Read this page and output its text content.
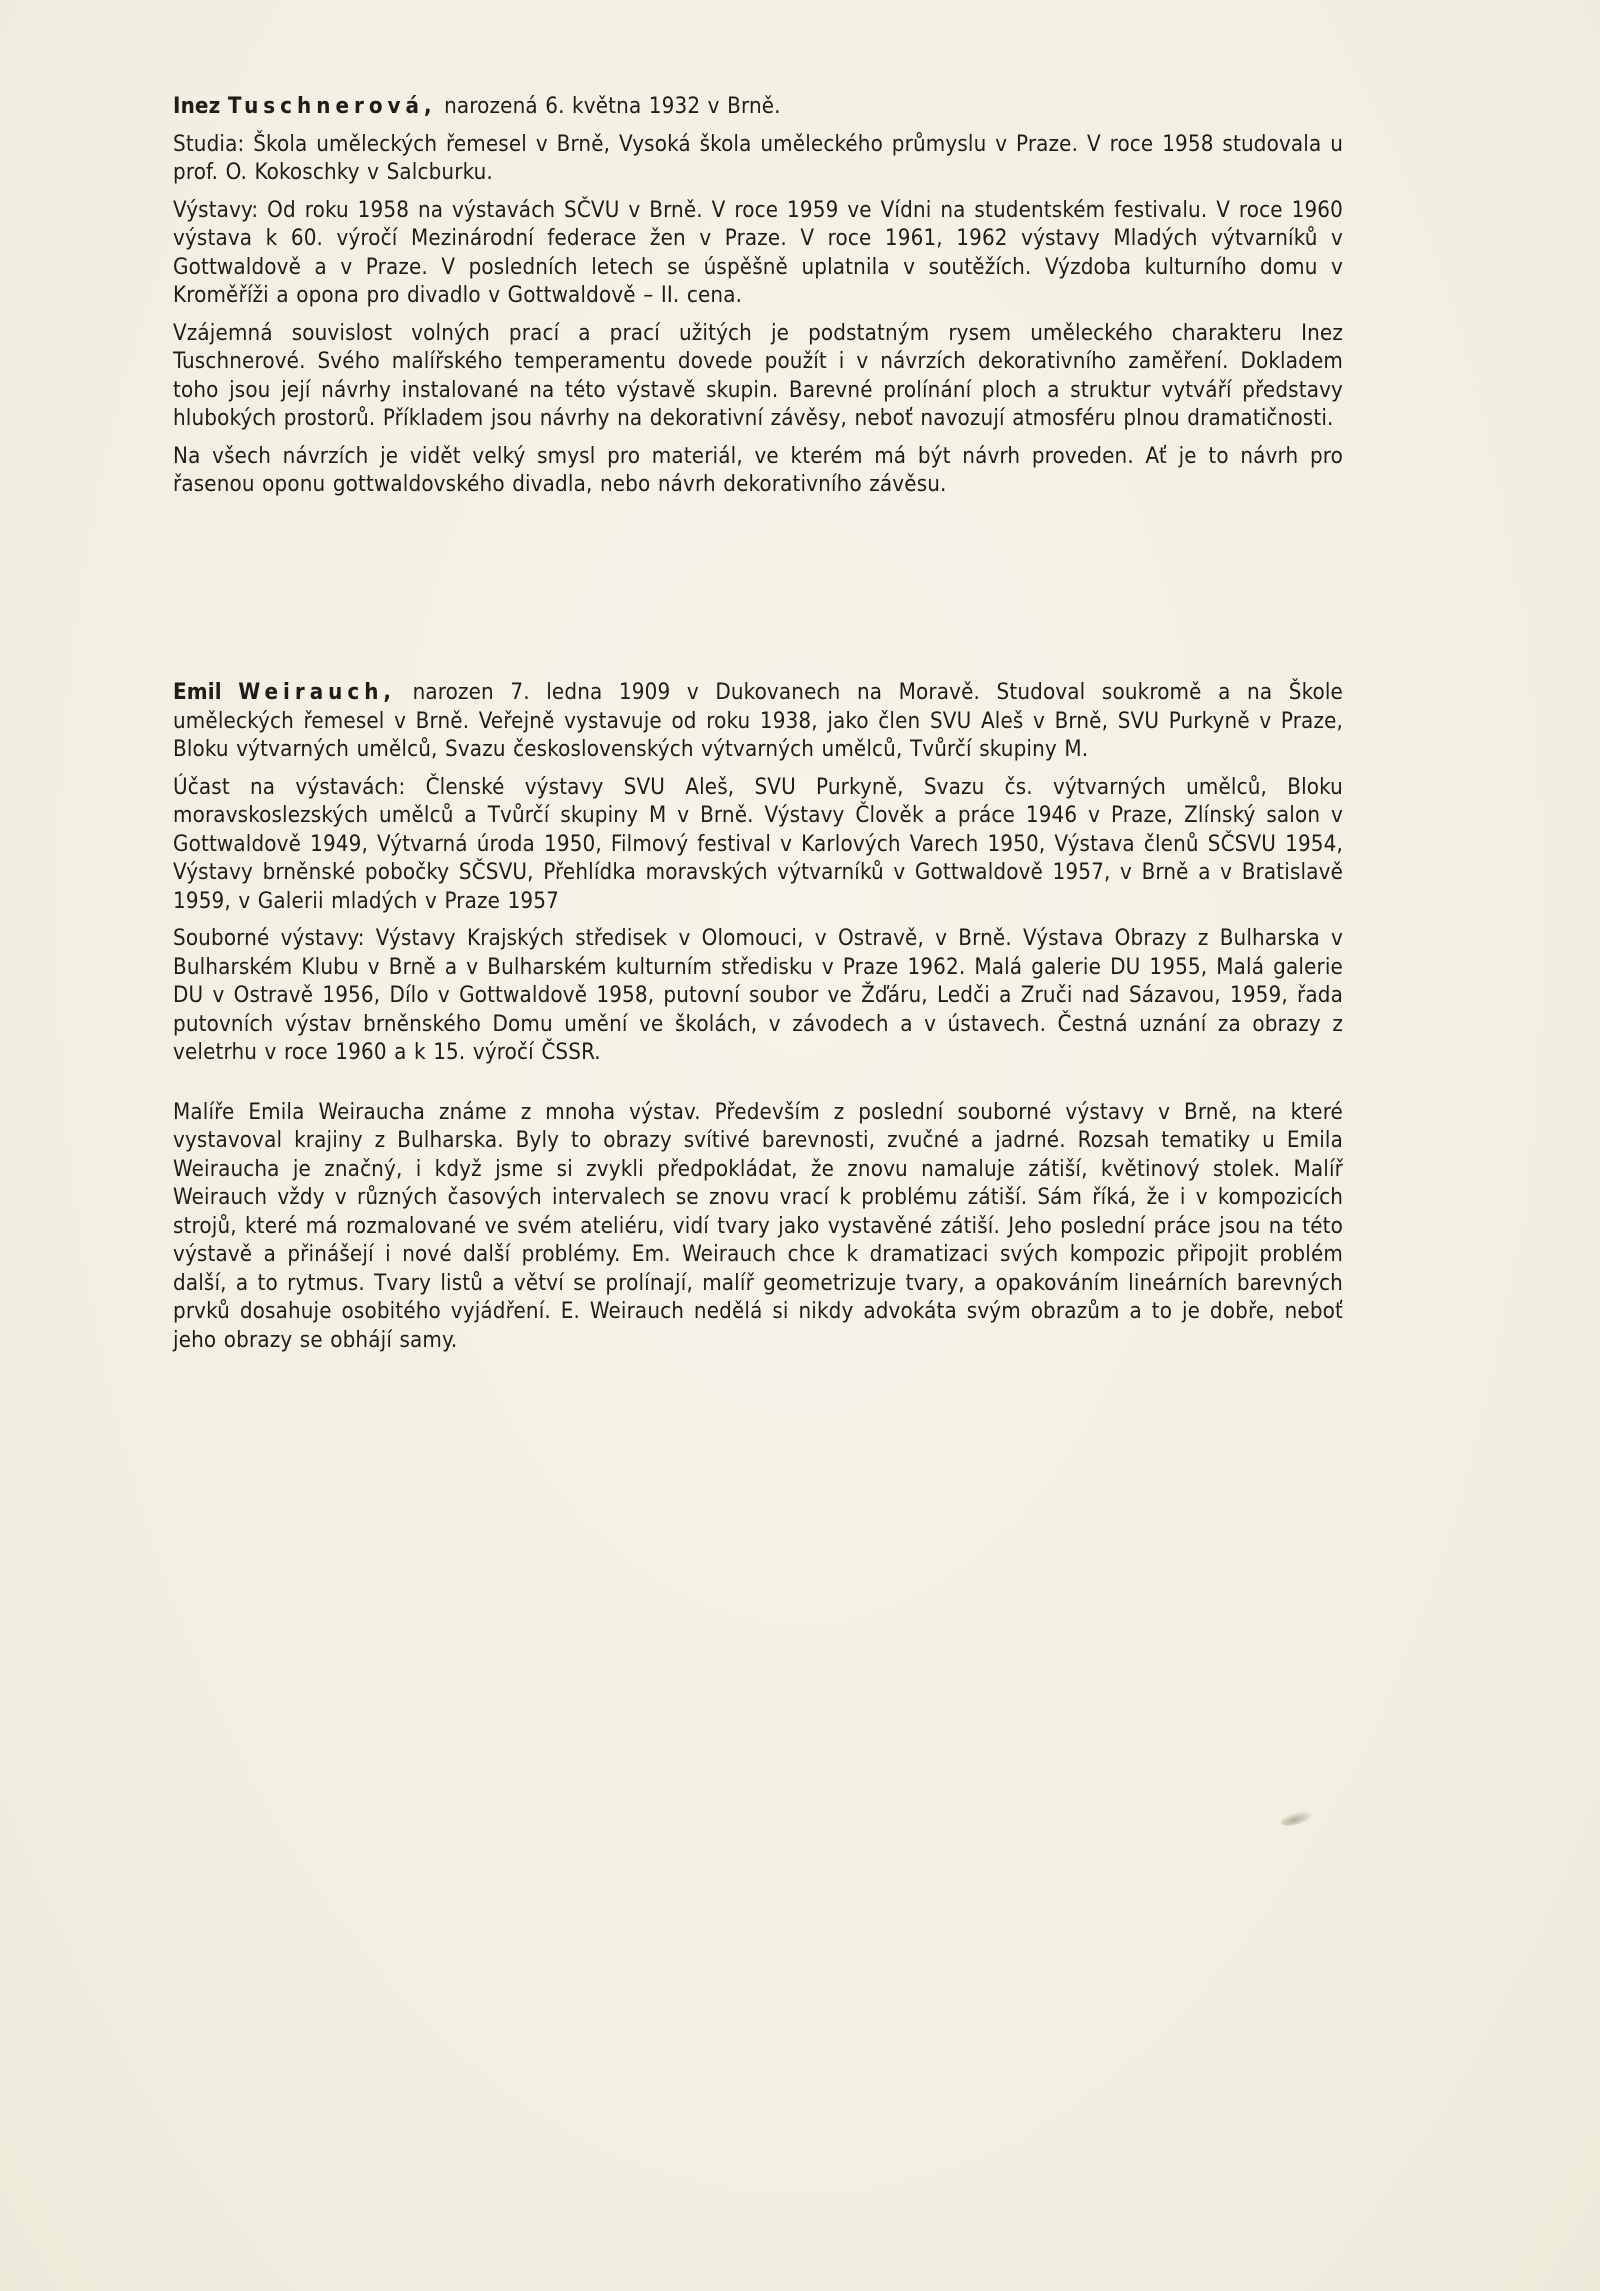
Inez Tuschnerová, narozená 6. května 1932 v Brně.

Studia: Škola uměleckých řemesel v Brně, Vysoká škola uměleckého průmyslu v Praze. V roce 1958 studovala u prof. O. Kokoschky v Salcburku.

Výstavy: Od roku 1958 na výstavách SČVU v Brně. V roce 1959 ve Vídni na studentském festivalu. V roce 1960 výstava k 60. výročí Mezinárodní federace žen v Praze. V roce 1961, 1962 výstavy Mladých výtvarníků v Gottwaldově a v Praze. V posledních letech se úspěšně uplatnila v soutěžích. Výzdoba kulturního domu v Kroměříži a opona pro divadlo v Gottwaldově – II. cena.

Vzájemná souvislost volných prací a prací užitých je podstatným rysem uměleckého charakteru Inez Tuschnerové. Svého malířského temperamentu dovede použít i v návrzích dekorativního zaměření. Dokladem toho jsou její návrhy instalované na této výstavě skupin. Barevné prolínání ploch a struktur vytváří představy hlubokých prostorů. Příkladem jsou návrhy na dekorativní závěsy, neboť navozují atmosféru plnou dramatičnosti.

Na všech návrzích je vidět velký smysl pro materiál, ve kterém má být návrh proveden. Ať je to návrh pro řasenou oponu gottwaldovského divadla, nebo návrh dekorativního závěsu.

Emil Weirauch, narozen 7. ledna 1909 v Dukovanech na Moravě. Studoval soukromě a na Škole uměleckých řemesel v Brně. Veřejně vystavuje od roku 1938, jako člen SVU Aleš v Brně, SVU Purkyně v Praze, Bloku výtvarných umělců, Svazu československých výtvarných umělců, Tvůrčí skupiny M.

Účast na výstavách: Členské výstavy SVU Aleš, SVU Purkyně, Svazu čs. výtvarných umělců, Bloku moravskoslezských umělců a Tvůrčí skupiny M v Brně. Výstavy Člověk a práce 1946 v Praze, Zlínský salon v Gottwaldově 1949, Výtvarná úroda 1950, Filmový festival v Karlových Varech 1950, Výstava členů SČSVU 1954, Výstavy brněnské pobočky SČSVU, Přehlídka moravských výtvarníků v Gottwaldově 1957, v Brně a v Bratislavě 1959, v Galerii mladých v Praze 1957

Souborné výstavy: Výstavy Krajských středisek v Olomouci, v Ostravě, v Brně. Výstava Obrazy z Bulharska v Bulharském Klubu v Brně a v Bulharském kulturním středisku v Praze 1962. Malá galerie DU 1955, Malá galerie DU v Ostravě 1956, Dílo v Gottwaldově 1958, putovní soubor ve Žďáru, Ledči a Zruči nad Sázavou, 1959, řada putovních výstav brněnského Domu umění ve školách, v závodech a v ústavech. Čestná uznání za obrazy z veletrhu v roce 1960 a k 15. výročí ČSSR.

Malíře Emila Weiraucha známe z mnoha výstav. Především z poslední souborné výstavy v Brně, na které vystavoval krajiny z Bulharska. Byly to obrazy svítivé barevnosti, zvučné a jadrné. Rozsah tematiky u Emila Weiraucha je značný, i když jsme si zvykli předpokládat, že znovu namaluje zátiší, květinový stolek. Malíř Weirauch vždy v různých časových intervalech se znovu vrací k problému zátiší. Sám říká, že i v kompozicích strojů, které má rozmalované ve svém ateliéru, vidí tvary jako vystavěné zátiší. Jeho poslední práce jsou na této výstavě a přinášejí i nové další problémy. Em. Weirauch chce k dramatizaci svých kompozic připojit problém další, a to rytmus. Tvary listů a větví se prolínají, malíř geometrizuje tvary, a opakováním lineárních barevných prvků dosahuje osobitého vyjádření. E. Weirauch nedělá si nikdy advokáta svým obrazům a to je dobře, neboť jeho obrazy se obhájí samy.
